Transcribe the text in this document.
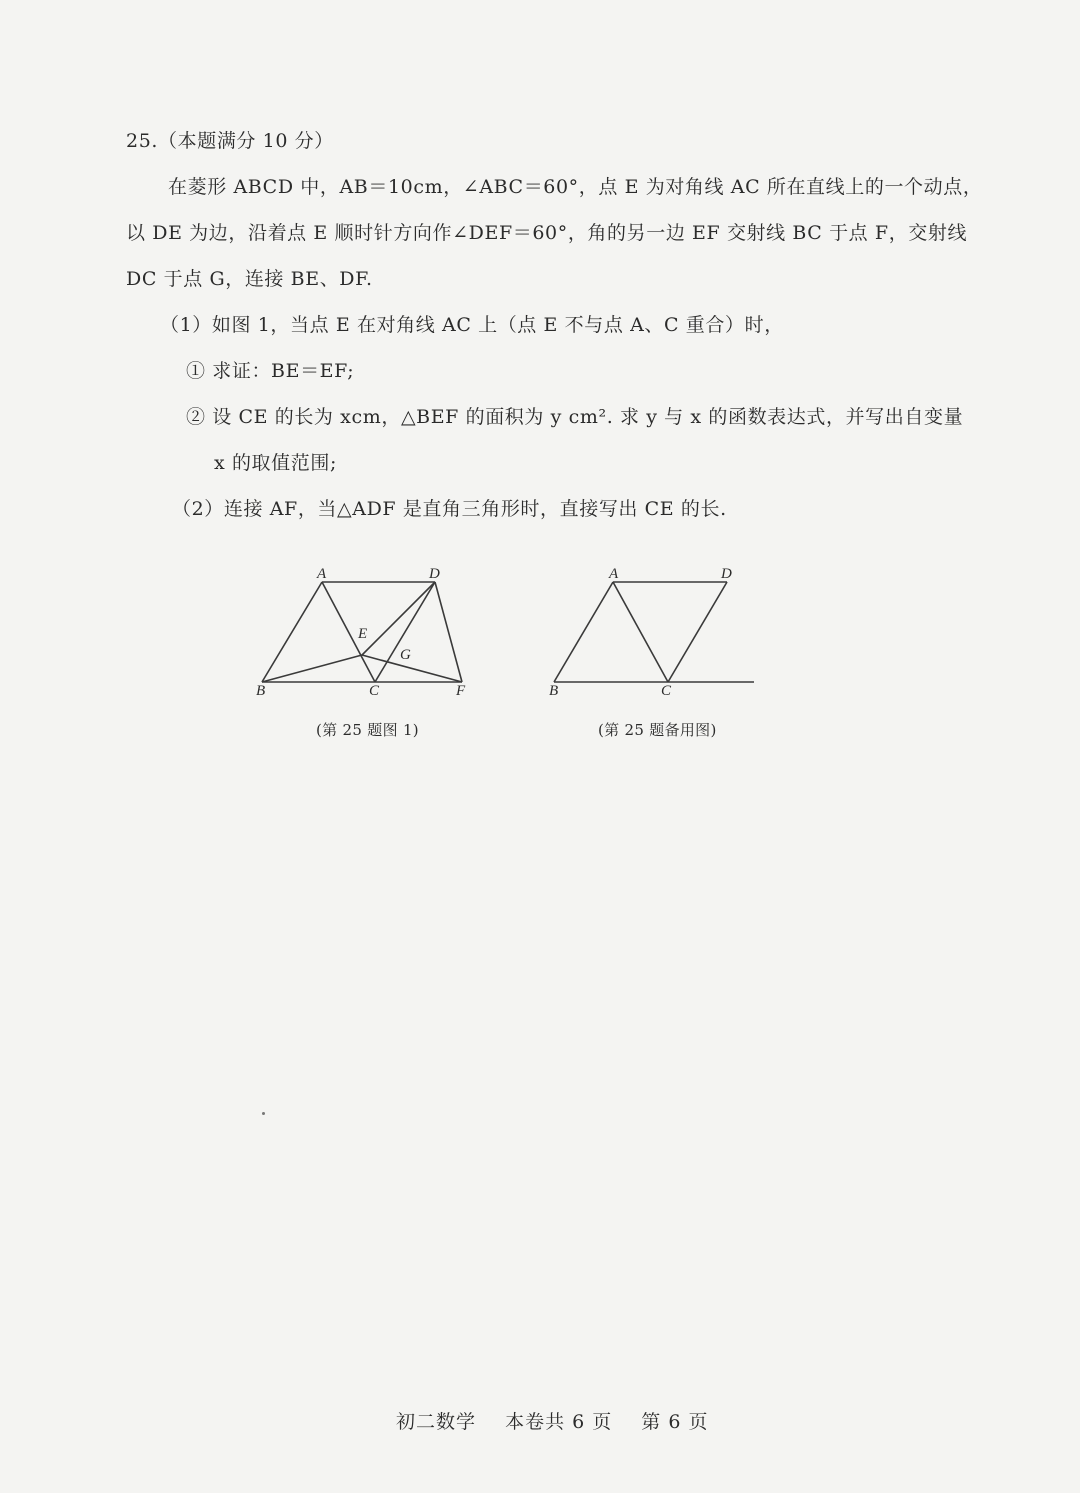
25.（本题满分 10 分）
在菱形 ABCD 中，AB＝10cm，∠ABC＝60°，点 E 为对角线 AC 所在直线上的一个动点，
以 DE 为边，沿着点 E 顺时针方向作∠DEF＝60°，角的另一边 EF 交射线 BC 于点 F，交射线
DC 于点 G，连接 BE、DF.
（1）如图 1，当点 E 在对角线 AC 上（点 E 不与点 A、C 重合）时，
① 求证：BE＝EF;
② 设 CE 的长为 xcm，△BEF 的面积为 y cm². 求 y 与 x 的函数表达式，并写出自变量
x 的取值范围;
（2）连接 AF，当△ADF 是直角三角形时，直接写出 CE 的长.
A	D
E
G
B	C	F
(第 25 题图 1)
A	D
B	C
(第 25 题备用图)
初二数学 本卷共 6 页 第 6 页
